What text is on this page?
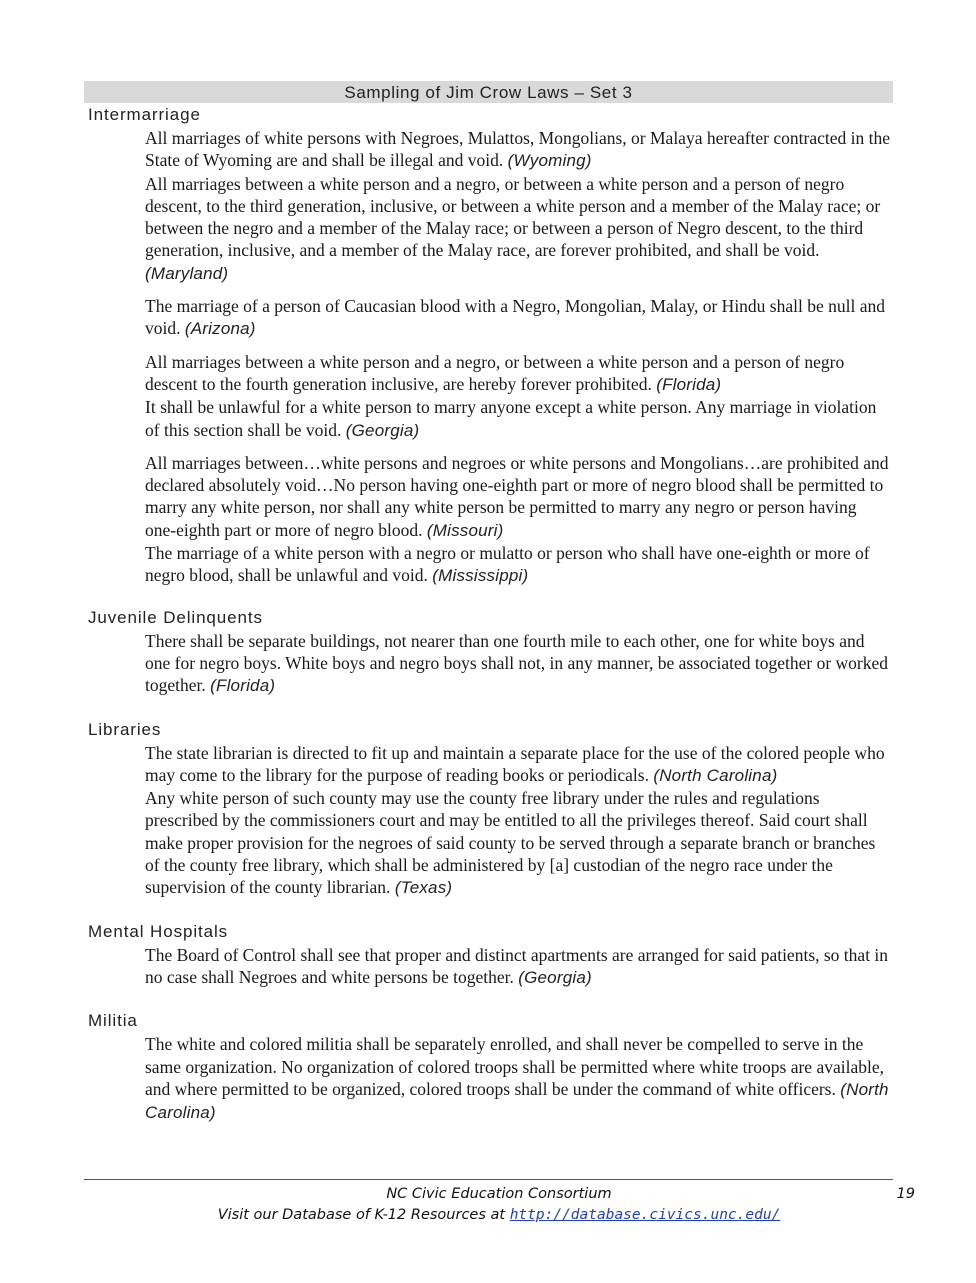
Sampling of Jim Crow Laws – Set 3
Intermarriage

All marriages of white persons with Negroes, Mulattos, Mongolians, or Malaya hereafter contracted in the State of Wyoming are and shall be illegal and void. (Wyoming)

All marriages between a white person and a negro, or between a white person and a person of negro descent, to the third generation, inclusive, or between a white person and a member of the Malay race; or between the negro and a member of the Malay race; or between a person of Negro descent, to the third generation, inclusive, and a member of the Malay race, are forever prohibited, and shall be void. (Maryland)

The marriage of a person of Caucasian blood with a Negro, Mongolian, Malay, or Hindu shall be null and void. (Arizona)

All marriages between a white person and a negro, or between a white person and a person of negro descent to the fourth generation inclusive, are hereby forever prohibited. (Florida)

It shall be unlawful for a white person to marry anyone except a white person. Any marriage in violation of this section shall be void. (Georgia)

All marriages between…white persons and negroes or white persons and Mongolians…are prohibited and declared absolutely void…No person having one-eighth part or more of negro blood shall be permitted to marry any white person, nor shall any white person be permitted to marry any negro or person having one-eighth part or more of negro blood. (Missouri)

The marriage of a white person with a negro or mulatto or person who shall have one-eighth or more of negro blood, shall be unlawful and void. (Mississippi)

Juvenile Delinquents

There shall be separate buildings, not nearer than one fourth mile to each other, one for white boys and one for negro boys. White boys and negro boys shall not, in any manner, be associated together or worked together. (Florida)

Libraries

The state librarian is directed to fit up and maintain a separate place for the use of the colored people who may come to the library for the purpose of reading books or periodicals. (North Carolina)

Any white person of such county may use the county free library under the rules and regulations prescribed by the commissioners court and may be entitled to all the privileges thereof. Said court shall make proper provision for the negroes of said county to be served through a separate branch or branches of the county free library, which shall be administered by [a] custodian of the negro race under the supervision of the county librarian. (Texas)

Mental Hospitals

The Board of Control shall see that proper and distinct apartments are arranged for said patients, so that in no case shall Negroes and white persons be together. (Georgia)

Militia

The white and colored militia shall be separately enrolled, and shall never be compelled to serve in the same organization. No organization of colored troops shall be permitted where white troops are available, and where permitted to be organized, colored troops shall be under the command of white officers. (North Carolina)

NC Civic Education Consortium	19
Visit our Database of K-12 Resources at http://database.civics.unc.edu/
